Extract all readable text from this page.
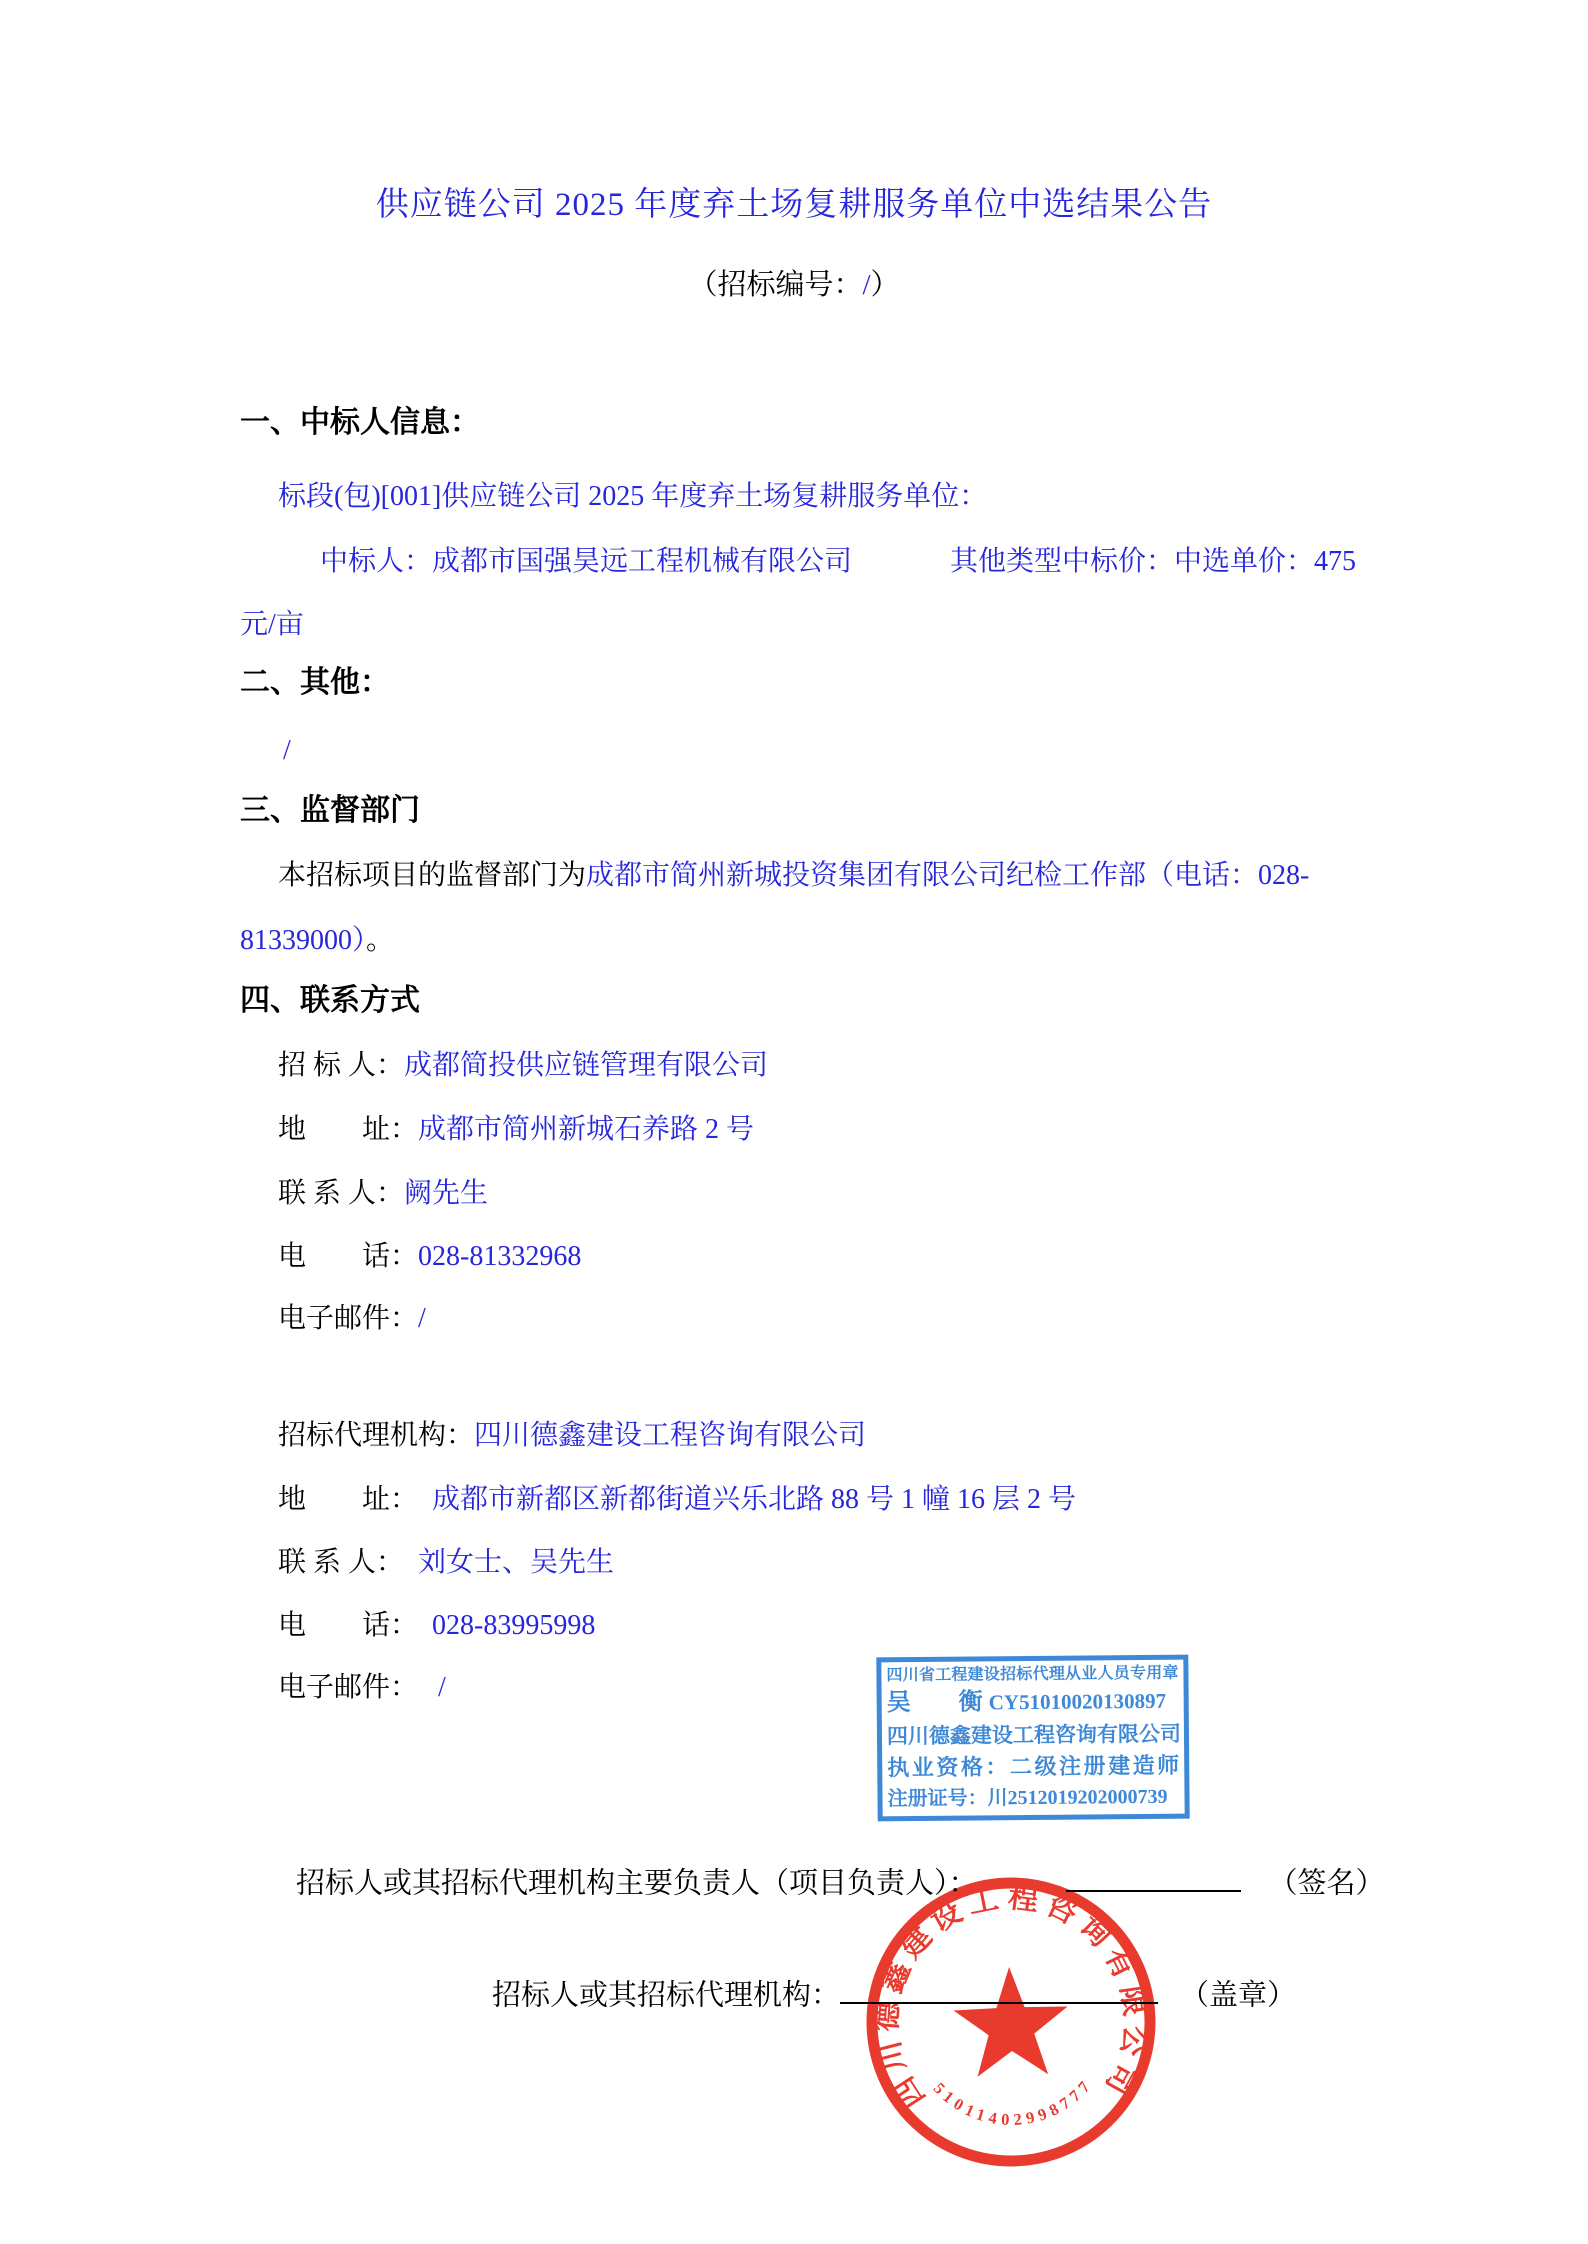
供应链公司 2025 年度弃土场复耕服务单位中选结果公告
（招标编号：/）
一、中标人信息：
标段(包)[001]供应链公司 2025 年度弃土场复耕服务单位：
中标人：成都市国强昊远工程机械有限公司	其他类型中标价：中选单价：475
元/亩
二、其他：
/
三、监督部门
本招标项目的监督部门为成都市简州新城投资集团有限公司纪检工作部（电话：028-
81339000）。
四、联系方式
招 标 人：成都简投供应链管理有限公司
地　　址：成都市简州新城石养路 2 号
联 系 人：阙先生
电　　话：028-81332968
电子邮件：/
招标代理机构：四川德鑫建设工程咨询有限公司
地　　址： 成都市新都区新都街道兴乐北路 88 号 1 幢 16 层 2 号
联 系 人： 刘女士、吴先生
电　　话： 028-83995998
电子邮件： /
招标人或其招标代理机构主要负责人（项目负责人）：	（签名）
招标人或其招标代理机构：	（盖章）
四川省工程建设招标代理从业人员专用章
吴　　衡 CY51010020130897
四川德鑫建设工程咨询有限公司
执业资格：二级注册建造师
注册证号：川2512019202000739
四川德鑫建设工程咨询有限公司
51011402998777
